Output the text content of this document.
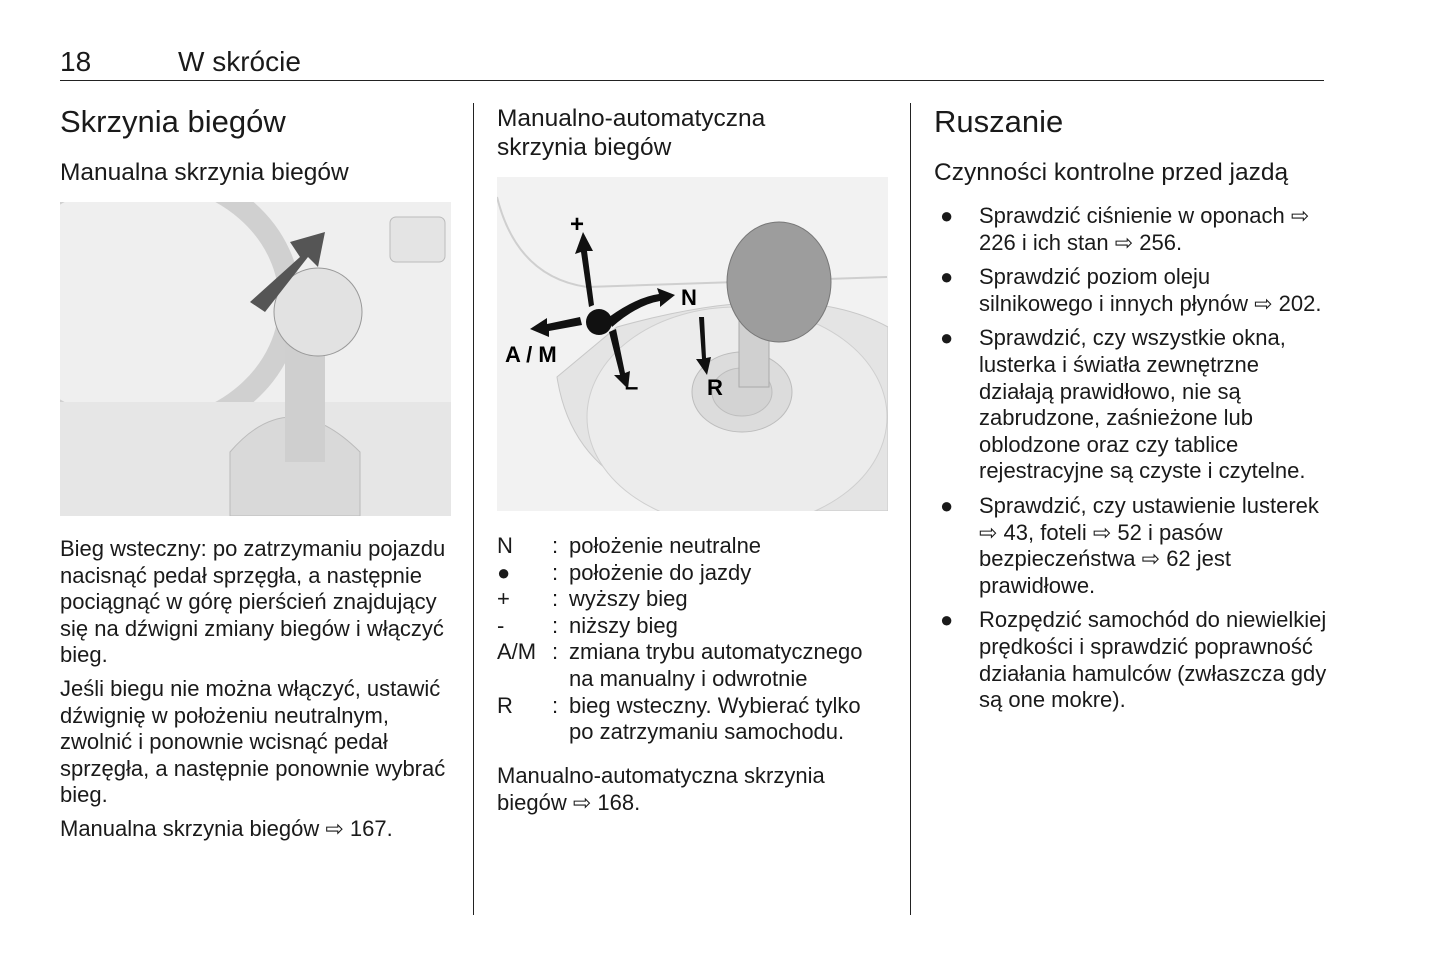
18	W skrócie
Skrzynia biegów
Manualna skrzynia biegów

Bieg wsteczny: po zatrzymaniu pojazdu nacisnąć pedał sprzęgła, a następnie pociągnąć w górę pierścień znajdujący się na dźwigni zmiany biegów i włączyć bieg.

Jeśli biegu nie można włączyć, ustawić dźwignię w położeniu neutralnym, zwolnić i ponownie wcisnąć pedał sprzęgła, a następnie ponownie wybrać bieg.

Manualna skrzynia biegów ⇨ 167.

Manualno-automatyczna skrzynia biegów
+
N
A / M
–	R
N	: położenie neutralne
●	: położenie do jazdy
+	: wyższy bieg
-	: niższy bieg
A/M : zmiana trybu automatycznego na manualny i odwrotnie
R	: bieg wsteczny. Wybierać tylko po zatrzymaniu samochodu.
Manualno-automatyczna skrzynia biegów ⇨ 168.
Ruszanie
Czynności kontrolne przed jazdą
● Sprawdzić ciśnienie w oponach ⇨ 226 i ich stan ⇨ 256.
● Sprawdzić poziom oleju silnikowego i innych płynów ⇨ 202.
● Sprawdzić, czy wszystkie okna, lusterka i światła zewnętrzne działają prawidłowo, nie są zabrudzone, zaśnieżone lub oblodzone oraz czy tablice rejestracyjne są czyste i czytelne.
● Sprawdzić, czy ustawienie lusterek ⇨ 43, foteli ⇨ 52 i pasów bezpieczeństwa ⇨ 62 jest prawidłowe.
● Rozpędzić samochód do niewielkiej prędkości i sprawdzić poprawność działania hamulców (zwłaszcza gdy są one mokre).
